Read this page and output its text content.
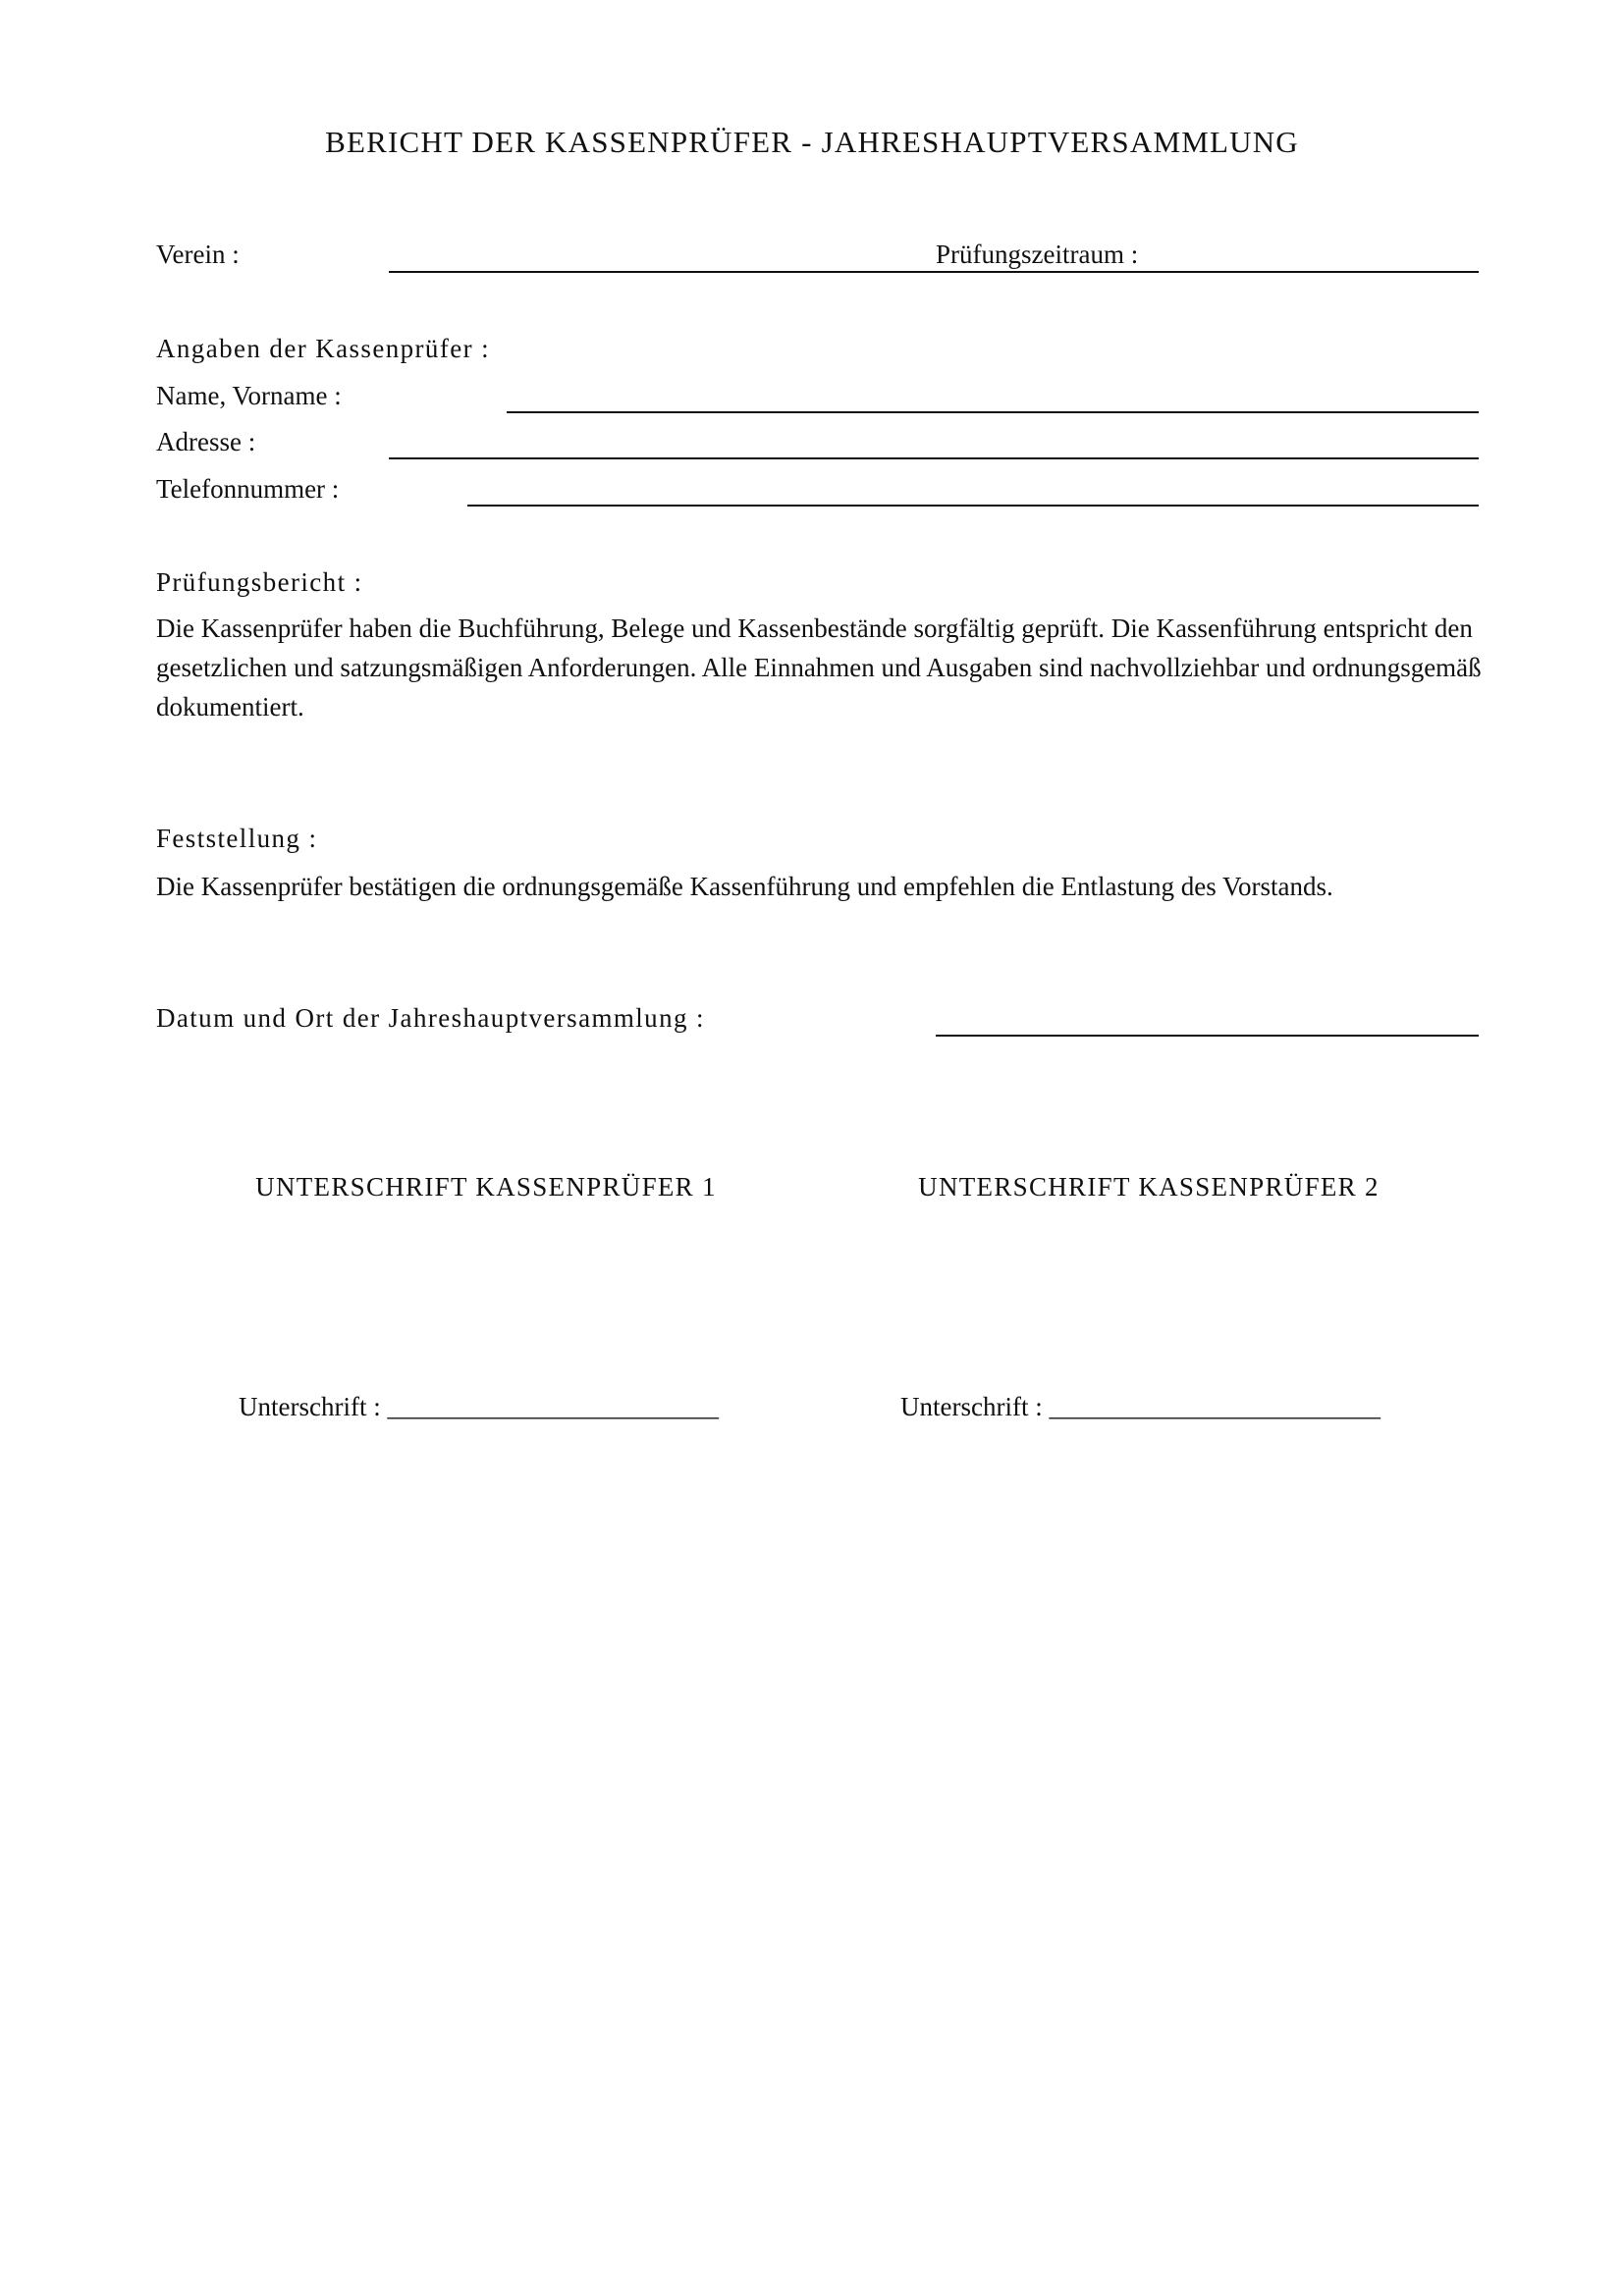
BERICHT DER KASSENPRÜFER - JAHRESHAUPTVERSAMMLUNG
Verein :	Prüfungszeitraum :
Angaben der Kassenprüfer :
Name, Vorname :
Adresse :
Telefonnummer :
Prüfungsbericht :
Die Kassenprüfer haben die Buchführung, Belege und Kassenbestände sorgfältig geprüft. Die Kassenführung entspricht den gesetzlichen und satzungsmäßigen Anforderungen. Alle Einnahmen und Ausgaben sind nachvollziehbar und ordnungsgemäß dokumentiert.
Feststellung :
Die Kassenprüfer bestätigen die ordnungsgemäße Kassenführung und empfehlen die Entlastung des Vorstands.
Datum und Ort der Jahreshauptversammlung :
UNTERSCHRIFT KASSENPRÜFER 1	UNTERSCHRIFT KASSENPRÜFER 2
Unterschrift : _________________________	Unterschrift : _________________________
